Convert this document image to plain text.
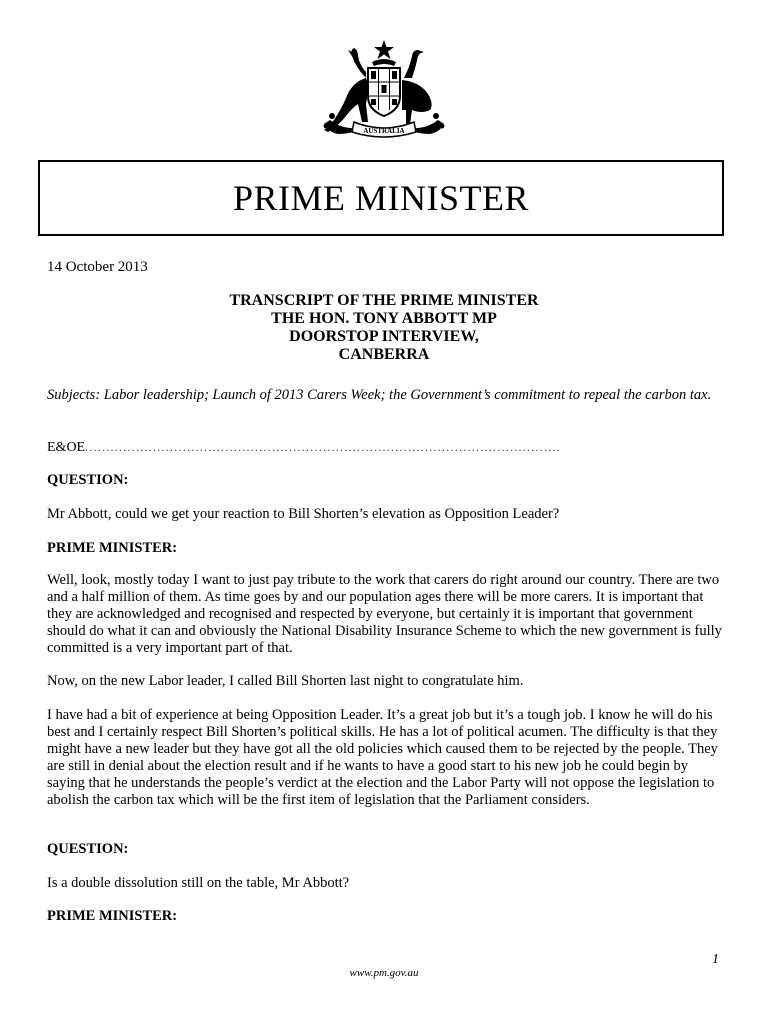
AUSTRALIA
PRIME MINISTER
14 October 2013
TRANSCRIPT OF THE PRIME MINISTER
THE HON. TONY ABBOTT MP
DOORSTOP INTERVIEW,
CANBERRA
Subjects: Labor leadership; Launch of 2013 Carers Week; the Government’s commitment to repeal the carbon tax.
E&OE................................................................................................................
QUESTION:
Mr Abbott, could we get your reaction to Bill Shorten’s elevation as Opposition Leader?
PRIME MINISTER:
Well, look, mostly today I want to just pay tribute to the work that carers do right around our country. There are two and a half million of them. As time goes by and our population ages there will be more carers. It is important that they are acknowledged and recognised and respected by everyone, but certainly it is important that government should do what it can and obviously the National Disability Insurance Scheme to which the new government is fully committed is a very important part of that.
Now, on the new Labor leader, I called Bill Shorten last night to congratulate him.
I have had a bit of experience at being Opposition Leader. It’s a great job but it’s a tough job. I know he will do his best and I certainly respect Bill Shorten’s political skills. He has a lot of political acumen. The difficulty is that they might have a new leader but they have got all the old policies which caused them to be rejected by the people. They are still in denial about the election result and if he wants to have a good start to his new job he could begin by saying that he understands the people’s verdict at the election and the Labor Party will not oppose the legislation to abolish the carbon tax which will be the first item of legislation that the Parliament considers.
QUESTION:
Is a double dissolution still on the table, Mr Abbott?
PRIME MINISTER:
1
www.pm.gov.au
